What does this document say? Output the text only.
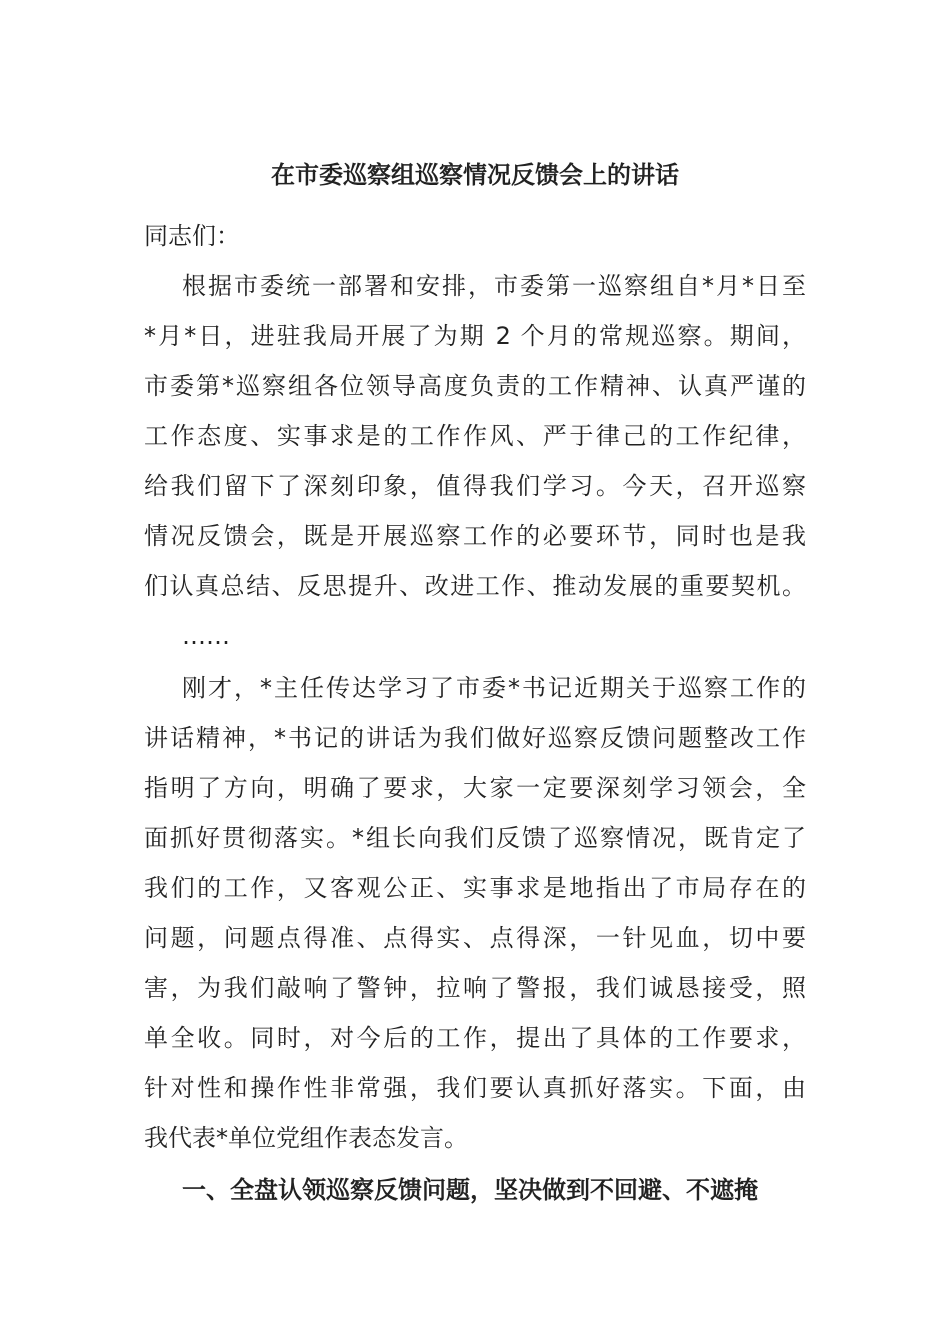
在市委巡察组巡察情况反馈会上的讲话
同志们：
根据市委统一部署和安排，市委第一巡察组自*月*日至
*月*日，进驻我局开展了为期 2 个月的常规巡察。期间，
市委第*巡察组各位领导高度负责的工作精神、认真严谨的
工作态度、实事求是的工作作风、严于律己的工作纪律，
给我们留下了深刻印象，值得我们学习。今天，召开巡察
情况反馈会，既是开展巡察工作的必要环节，同时也是我
们认真总结、反思提升、改进工作、推动发展的重要契机。
……
刚才，*主任传达学习了市委*书记近期关于巡察工作的
讲话精神，*书记的讲话为我们做好巡察反馈问题整改工作
指明了方向，明确了要求，大家一定要深刻学习领会，全
面抓好贯彻落实。*组长向我们反馈了巡察情况，既肯定了
我们的工作，又客观公正、实事求是地指出了市局存在的
问题，问题点得准、点得实、点得深，一针见血，切中要
害，为我们敲响了警钟，拉响了警报，我们诚恳接受，照
单全收。同时，对今后的工作，提出了具体的工作要求，
针对性和操作性非常强，我们要认真抓好落实。下面，由
我代表*单位党组作表态发言。
一、全盘认领巡察反馈问题，坚决做到不回避、不遮掩
